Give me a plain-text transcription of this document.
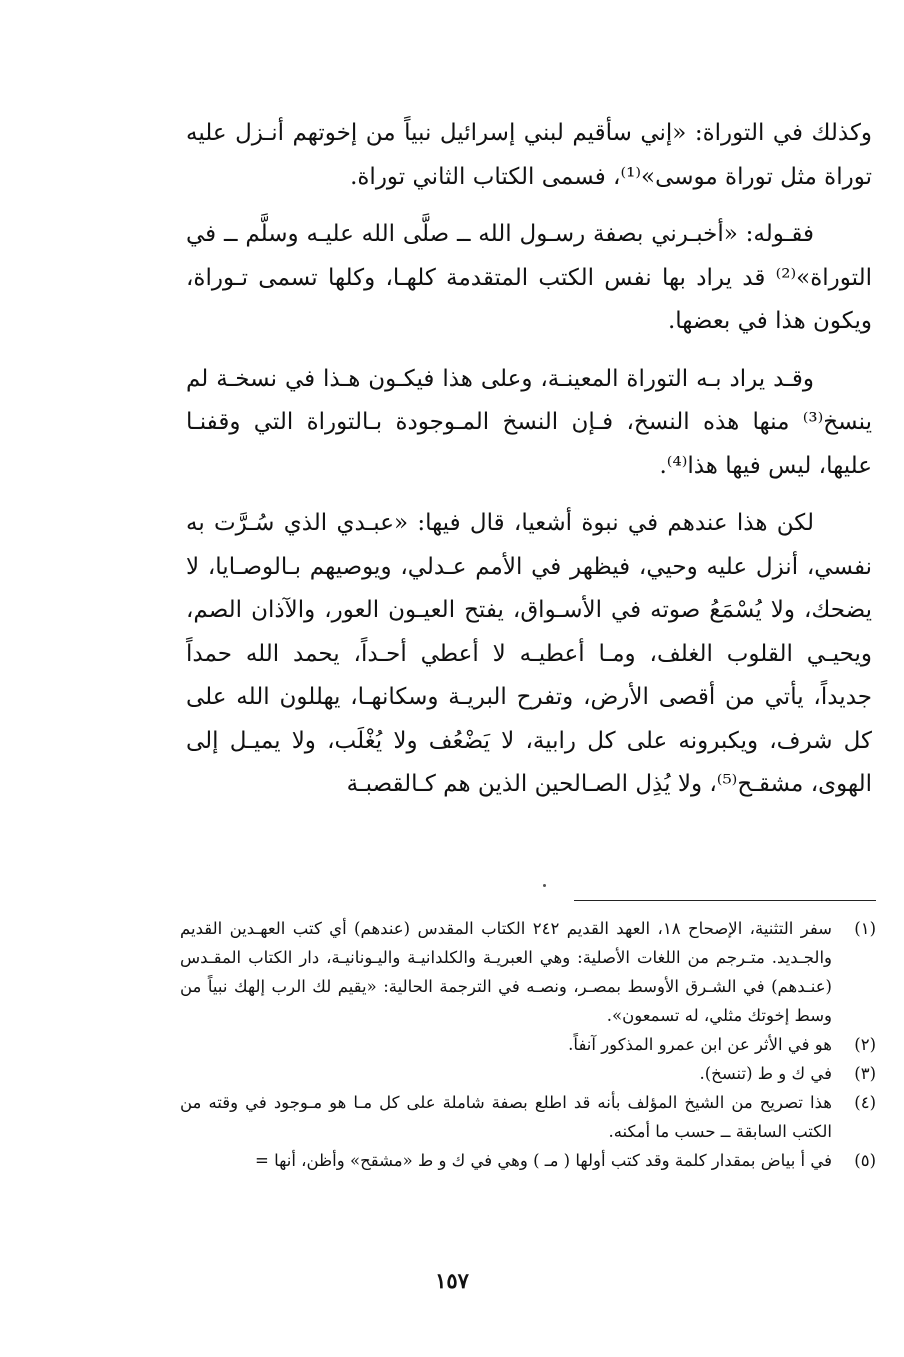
وكذلك في التوراة: «إني سأقيم لبني إسرائيل نبياً من إخوتهم أنـزل عليه توراة مثل توراة موسى»⁽¹⁾، فسمى الكتاب الثاني توراة.

فقـوله: «أخبـرني بصفة رسـول الله ــ صلَّى الله عليـه وسلَّم ــ في التوراة»⁽²⁾ قد يراد بها نفس الكتب المتقدمة كلهـا، وكلها تسمى تـوراة، ويكون هذا في بعضها.

وقـد يراد بـه التوراة المعينـة، وعلى هذا فيكـون هـذا في نسخـة لم ينسخ⁽³⁾ منها هذه النسخ، فـإن النسخ المـوجودة بـالتوراة التي وقفنـا عليها، ليس فيها هذا⁽⁴⁾.

لكن هذا عندهم في نبوة أشعيا، قال فيها: «عبـدي الذي سُـرَّت به نفسي، أنزل عليه وحيي، فيظهر في الأمم عـدلي، ويوصيهم بـالوصـايا، لا يضحك، ولا يُسْمَعُ صوته في الأسـواق، يفتح العيـون العور، والآذان الصم، ويحيـي القلوب الغلف، ومـا أعطيـه لا أعطي أحـداً، يحمد الله حمداً جديداً، يأتي من أقصى الأرض، وتفرح البريـة وسكانهـا، يهللون الله على كل شرف، ويكبرونه على كل رابية، لا يَضْعُف ولا يُغْلَب، ولا يميـل إلى الهوى، مشقـح⁽⁵⁾، ولا يُذِل الصـالحين الذين هم كـالقصبـة

(١)
سفر التثنية، الإصحاح ١٨، العهد القديم ٢٤٢ الكتاب المقدس (عندهم) أي كتب العهـدين القديم والجـديد. متـرجم من اللغات الأصلية: وهي العبريـة والكلدانيـة واليـونانيـة، دار الكتاب المقـدس (عنـدهم) في الشـرق الأوسط بمصـر، ونصـه في الترجمة الحالية: «يقيم لك الرب إلهك نبياً من وسط إخوتك مثلي، له تسمعون».
(٢)
هو في الأثر عن ابن عمرو المذكور آنفاً.
(٣)
في ك و ط (تنسخ).
(٤)
هذا تصريح من الشيخ المؤلف بأنه قد اطلع بصفة شاملة على كل مـا هو مـوجود في وقته من الكتب السابقة ــ حسب ما أمكنه.
(٥)
في أ بياض بمقدار كلمة وقد كتب أولها ( مـ ) وهي في ك و ط «مشقح» وأظن، أنها =
١٥٧
